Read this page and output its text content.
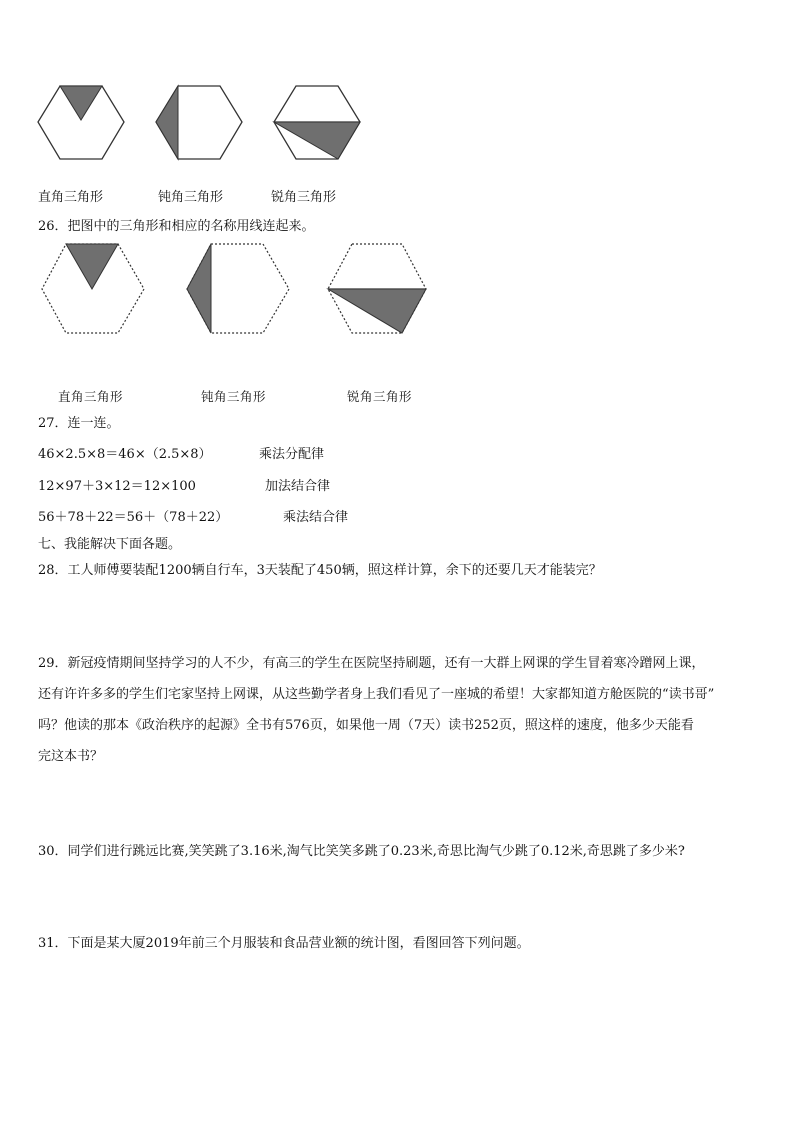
直角三角形	钝角三角形	锐角三角形
26．把图中的三角形和相应的名称用线连起来。
直角三角形	钝角三角形	锐角三角形
27．连一连。
46×2.5×8＝46×（2.5×8）	乘法分配律
12×97＋3×12＝12×100	加法结合律
56＋78＋22＝56＋（78＋22）	乘法结合律
七、我能解决下面各题。
28．工人师傅要装配1200辆自行车，3天装配了450辆，照这样计算，余下的还要几天才能装完？
29．新冠疫情期间坚持学习的人不少，有高三的学生在医院坚持刷题，还有一大群上网课的学生冒着寒冷蹭网上课，
还有许许多多的学生们宅家坚持上网课，从这些勤学者身上我们看见了一座城的希望！大家都知道方舱医院的“读书哥”
吗？他读的那本《政治秩序的起源》全书有576页，如果他一周（7天）读书252页，照这样的速度，他多少天能看
完这本书？
30．同学们进行跳远比赛,笑笑跳了3.16米,淘气比笑笑多跳了0.23米,奇思比淘气少跳了0.12米,奇思跳了多少米?
31．下面是某大厦2019年前三个月服装和食品营业额的统计图，看图回答下列问题。
